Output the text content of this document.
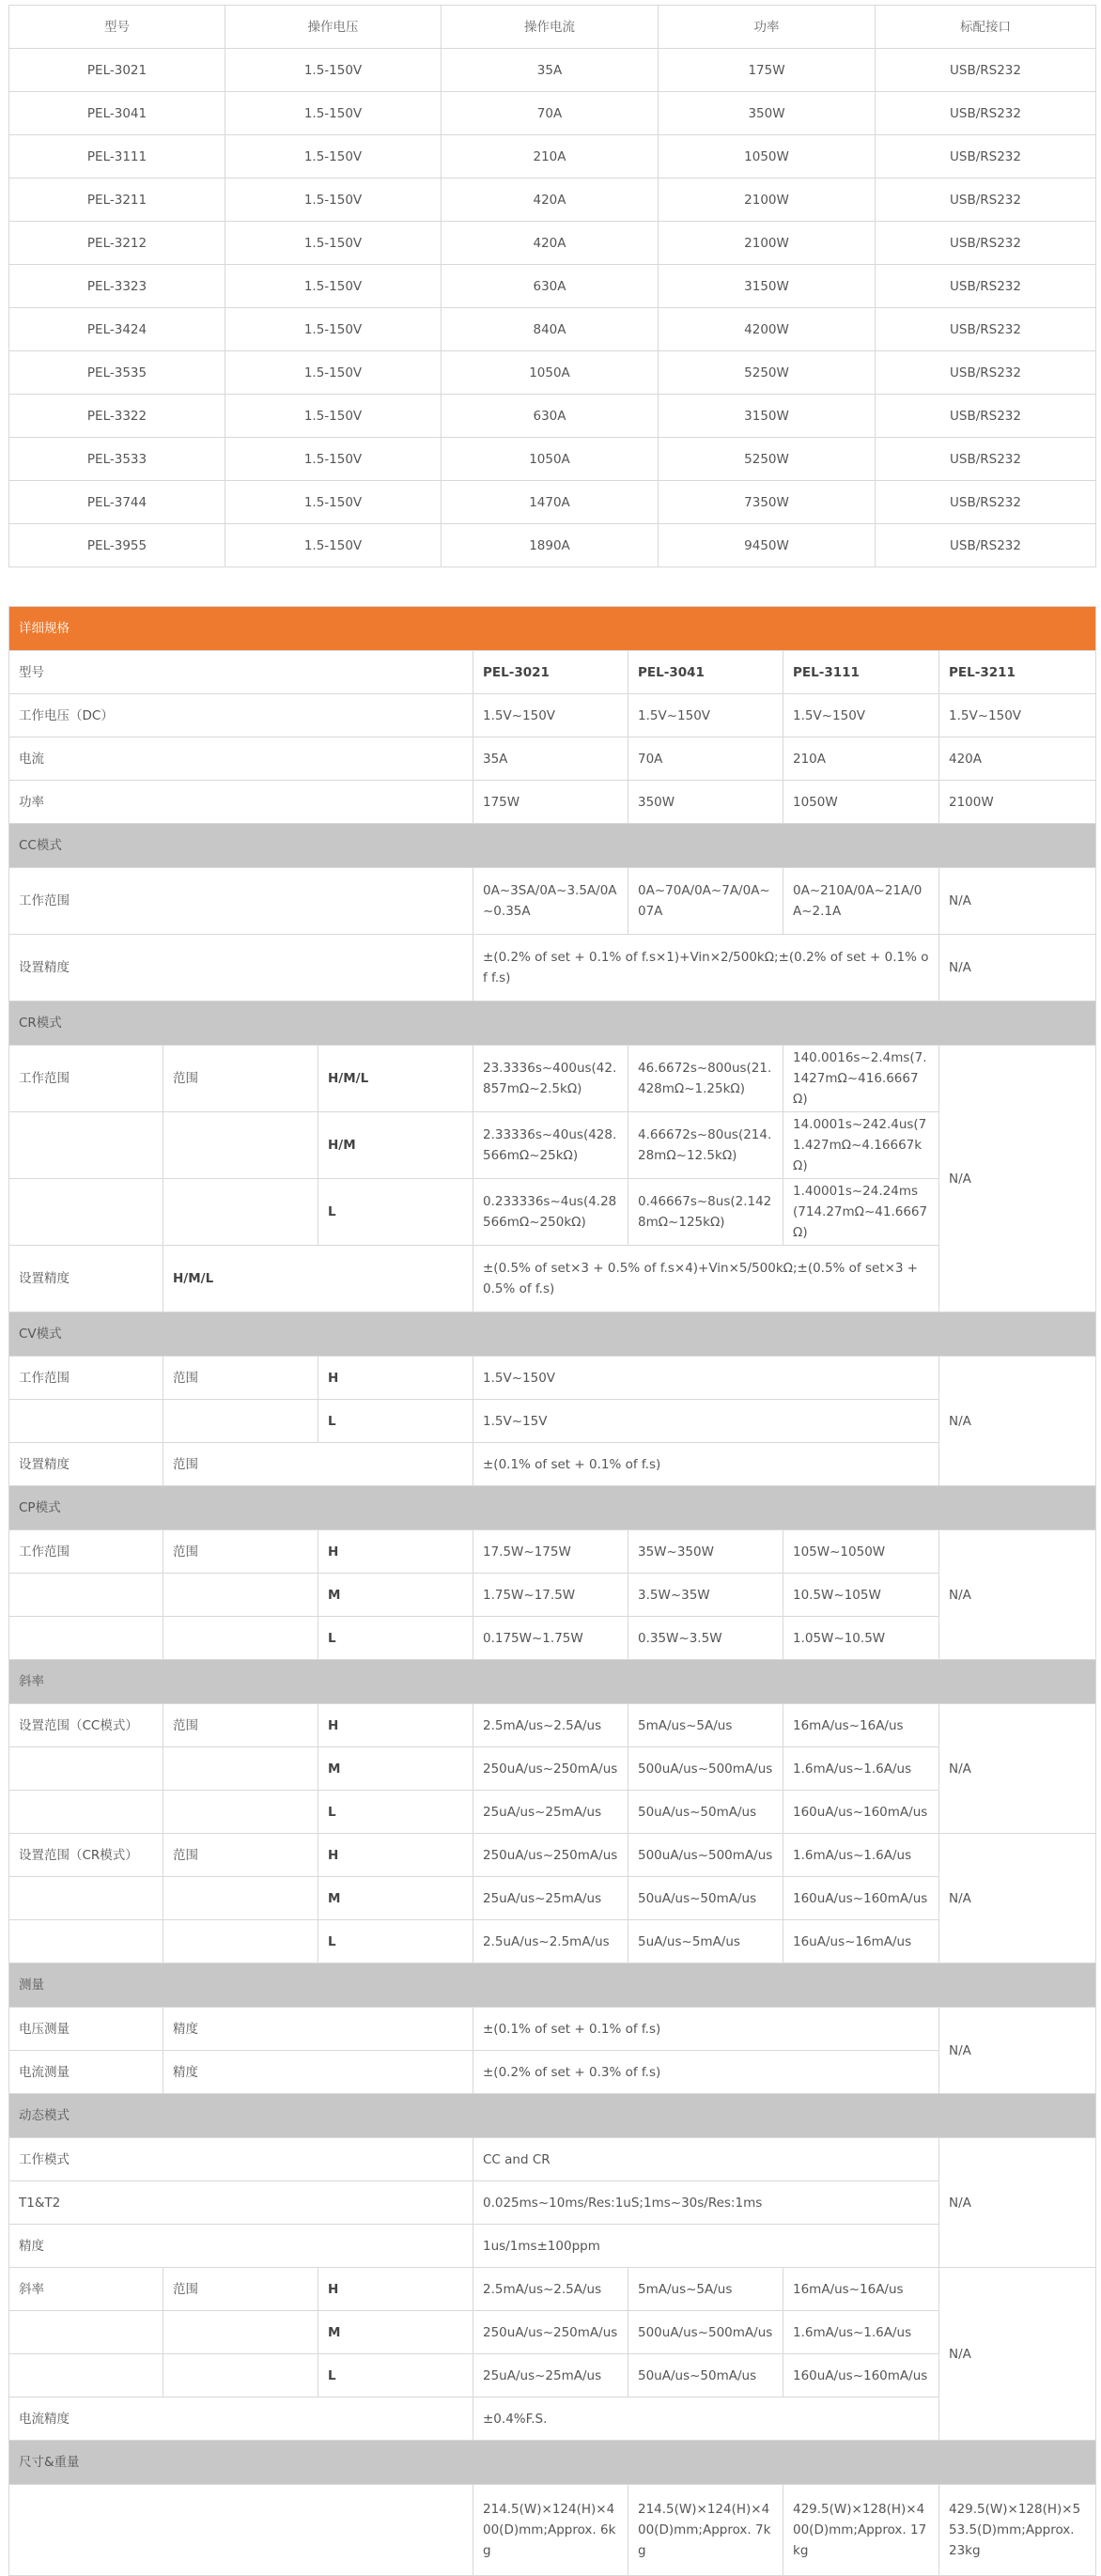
型号	操作电压	操作电流	功率	标配接口
PEL-3021	1.5-150V	35A	175W	USB/RS232
PEL-3041	1.5-150V	70A	350W	USB/RS232
PEL-3111	1.5-150V	210A	1050W	USB/RS232
PEL-3211	1.5-150V	420A	2100W	USB/RS232
PEL-3212	1.5-150V	420A	2100W	USB/RS232
PEL-3323	1.5-150V	630A	3150W	USB/RS232
PEL-3424	1.5-150V	840A	4200W	USB/RS232
PEL-3535	1.5-150V	1050A	5250W	USB/RS232
PEL-3322	1.5-150V	630A	3150W	USB/RS232
PEL-3533	1.5-150V	1050A	5250W	USB/RS232
PEL-3744	1.5-150V	1470A	7350W	USB/RS232
PEL-3955	1.5-150V	1890A	9450W	USB/RS232
详细规格						
型号			PEL-3021	PEL-3041	PEL-3111	PEL-3211
工作电压（DC）			1.5V~150V	1.5V~150V	1.5V~150V	1.5V~150V
电流			35A	70A	210A	420A
功率			175W	350W	1050W	2100W
CC模式						
工作范围			0A~3SA/0A~3.5A/0A~0.35A	0A~70A/0A~7A/0A~07A	0A~210A/0A~21A/0A~2.1A	N/A
设置精度			±(0.2% of set + 0.1% of f.s×1)+Vin×2/500kΩ;±(0.2% of set + 0.1% of f.s)			N/A
CR模式						
工作范围	范围	H/M/L	23.3336s~400us(42.857mΩ~2.5kΩ)	46.6672s~800us(21.428mΩ~1.25kΩ)	140.0016s~2.4ms(7.1427mΩ~416.6667Ω)	N/A
		H/M	2.33336s~40us(428.566mΩ~25kΩ)	4.66672s~80us(214.28mΩ~12.5kΩ)	14.0001s~242.4us(71.427mΩ~4.16667kΩ)	
		L	0.233336s~4us(4.28566mΩ~250kΩ)	0.46667s~8us(2.1428mΩ~125kΩ)	1.40001s~24.24ms(714.27mΩ~41.6667Ω)	
设置精度	H/M/L		±(0.5% of set×3 + 0.5% of f.s×4)+Vin×5/500kΩ;±(0.5% of set×3 + 0.5% of f.s)			
CV模式						
工作范围	范围	H	1.5V~150V			N/A
		L	1.5V~15V			
设置精度	范围		±(0.1% of set + 0.1% of f.s)			
CP模式						
工作范围	范围	H	17.5W~175W	35W~350W	105W~1050W	N/A
		M	1.75W~17.5W	3.5W~35W	10.5W~105W	
		L	0.175W~1.75W	0.35W~3.5W	1.05W~10.5W	
斜率						
设置范围（CC模式）	范围	H	2.5mA/us~2.5A/us	5mA/us~5A/us	16mA/us~16A/us	N/A
		M	250uA/us~250mA/us	500uA/us~500mA/us	1.6mA/us~1.6A/us	
		L	25uA/us~25mA/us	50uA/us~50mA/us	160uA/us~160mA/us	
设置范围（CR模式）	范围	H	250uA/us~250mA/us	500uA/us~500mA/us	1.6mA/us~1.6A/us	N/A
		M	25uA/us~25mA/us	50uA/us~50mA/us	160uA/us~160mA/us	
		L	2.5uA/us~2.5mA/us	5uA/us~5mA/us	16uA/us~16mA/us	
测量						
电压测量	精度		±(0.1% of set + 0.1% of f.s)			N/A
电流测量	精度		±(0.2% of set + 0.3% of f.s)			
动态模式						
工作模式			CC and CR			N/A
T1&T2			0.025ms~10ms/Res:1uS;1ms~30s/Res:1ms			
精度			1us/1ms±100ppm			
斜率	范围	H	2.5mA/us~2.5A/us	5mA/us~5A/us	16mA/us~16A/us	N/A
		M	250uA/us~250mA/us	500uA/us~500mA/us	1.6mA/us~1.6A/us	
		L	25uA/us~25mA/us	50uA/us~50mA/us	160uA/us~160mA/us	
电流精度			±0.4%F.S.			
尺寸&重量						
			214.5(W)×124(H)×400(D)mm;Approx. 6kg	214.5(W)×124(H)×400(D)mm;Approx. 7kg	429.5(W)×128(H)×400(D)mm;Approx. 17kg	429.5(W)×128(H)×553.5(D)mm;Approx. 23kg
